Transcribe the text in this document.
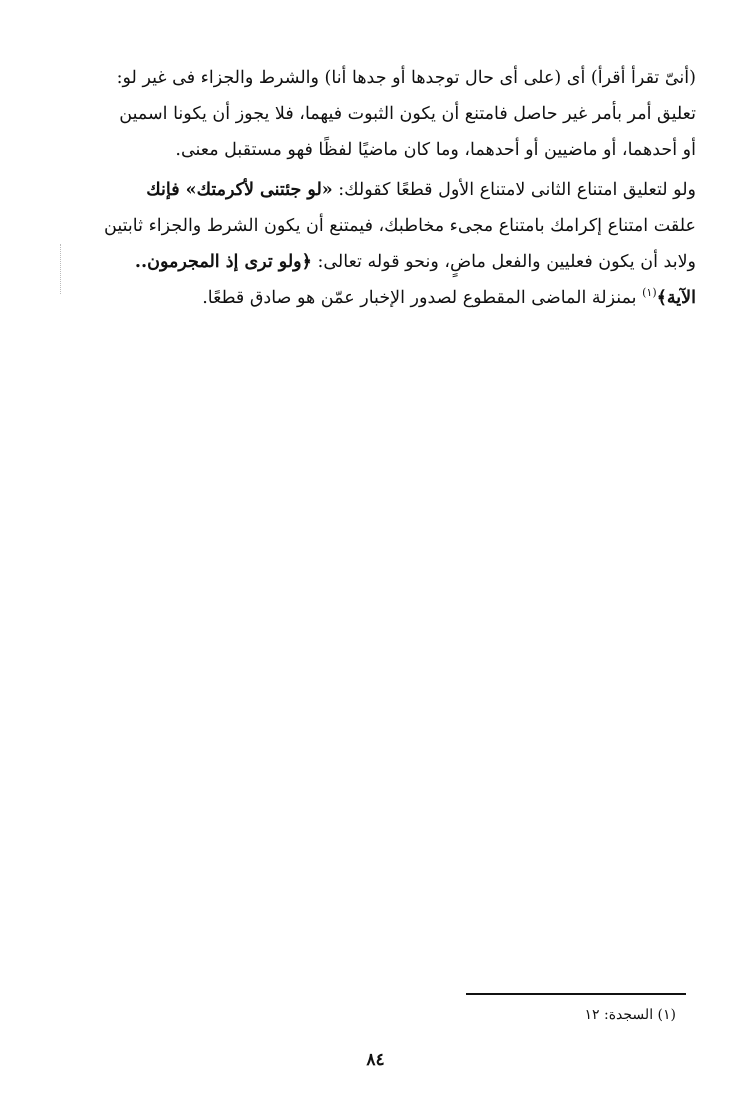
(أنىّ تقرأ أقرأ) أى (على أى حال توجدها أو جدها أنا) والشرط والجزاء فى غير لو:
تعليق أمر بأمر غير حاصل فامتنع أن يكون الثبوت فيهما، فلا يجوز أن يكونا اسمين
أو أحدهما، أو ماضيين أو أحدهما، وما كان ماضيًا لفظًا فهو مستقبل معنى.
ولو لتعليق امتناع الثانى لامتناع الأول قطعًا كقولك: «لو جئتنى لأكرمتك» فإنك
علقت امتناع إكرامك بامتناع مجىء مخاطبك، فيمتنع أن يكون الشرط والجزاء ثابتين
ولابد أن يكون فعليين والفعل ماضٍ، ونحو قوله تعالى: ﴿ولو ترى إذ المجرمون..
الآية﴾$^{(١)}$ بمنزلة الماضى المقطوع لصدور الإخبار عمّن هو صادق قطعًا.
(١) السجدة: ١٢
٨٤
